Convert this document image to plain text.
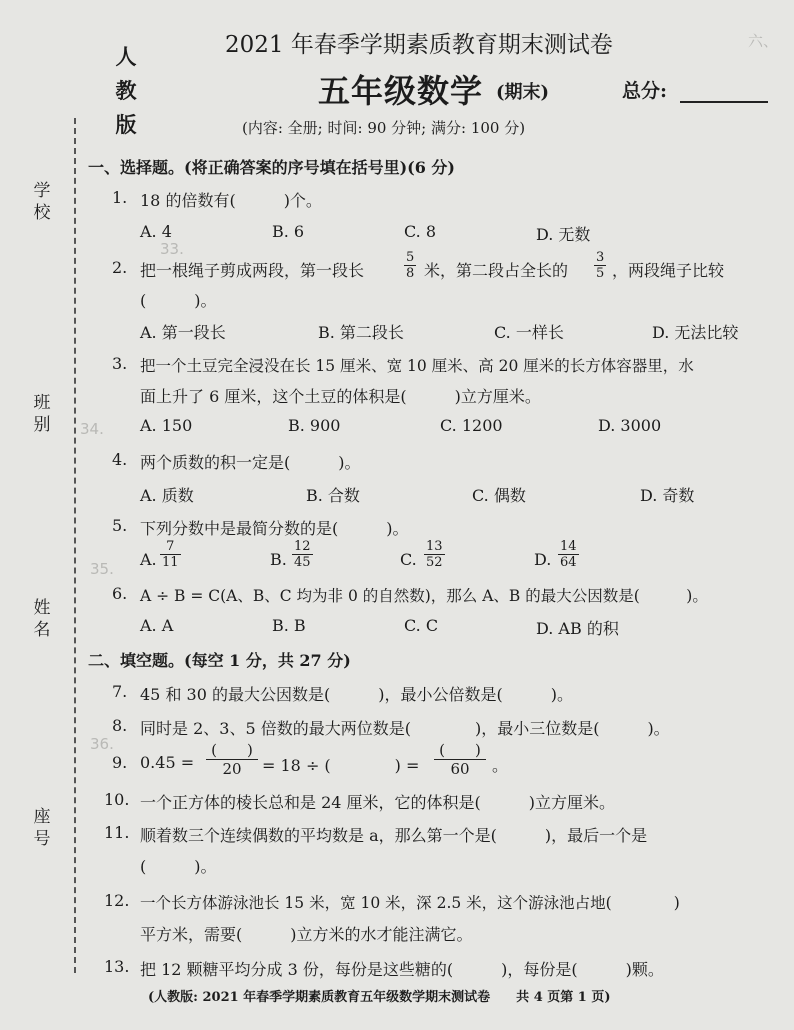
六、
33.
34.
35.
36.
人教版
2021 年春季学期素质教育期末测试卷
五年级数学 (期末)	总分:
(内容: 全册; 时间: 90 分钟; 满分: 100 分)
学校
班别
姓名
座号
一、选择题。(将正确答案的序号填在括号里)(6 分)
1. 18 的倍数有(　　　)个。
A. 4	B. 6	C. 8	D. 无数
2. 把一根绳子剪成两段，第一段长	$\frac{5}{8}$ 米，第二段占全长的 $\frac{3}{5}$ ，两段绳子比较
(　　　)。
A. 第一段长	B. 第二段长	C. 一样长	D. 无法比较
3. 把一个土豆完全浸没在长 15 厘米、宽 10 厘米、高 20 厘米的长方体容器里，水
面上升了 6 厘米，这个土豆的体积是(　　　)立方厘米。
A. 150	B. 900	C. 1200	D. 3000
4. 两个质数的积一定是(　　　)。
A. 质数	B. 合数	C. 偶数	D. 奇数
5. 下列分数中是最简分数的是(　　　)。
A. $\frac{7}{11}$	B. $\frac{12}{45}$	C. $\frac{13}{52}$	D. $\frac{14}{64}$
6. A ÷ B = C(A、B、C 均为非 0 的自然数)，那么 A、B 的最大公因数是(　　　)。
A. A	B. B	C. C	D. AB 的积
二、填空题。(每空 1 分，共 27 分)
7. 45 和 30 的最大公因数是(　　　)，最小公倍数是(　　　)。
8. 同时是 2、3、5 倍数的最大两位数是(　　　　)，最小三位数是(　　　)。
9. 0.45 =
(　　)
20	= 18 ÷ (　　　　) =
(　　)
60	。
10. 一个正方体的棱长总和是 24 厘米，它的体积是(　　　)立方厘米。
11. 顺着数三个连续偶数的平均数是 a，那么第一个是(　　　)，最后一个是
(　　　)。
12. 一个长方体游泳池长 15 米，宽 10 米，深 2.5 米，这个游泳池占地(　　　　)
平方米，需要(　　　)立方米的水才能注满它。
13. 把 12 颗糖平均分成 3 份，每份是这些糖的(　　　)，每份是(　　　)颗。
(人教版: 2021 年春季学期素质教育五年级数学期末测试卷　　共 4 页第 1 页)
